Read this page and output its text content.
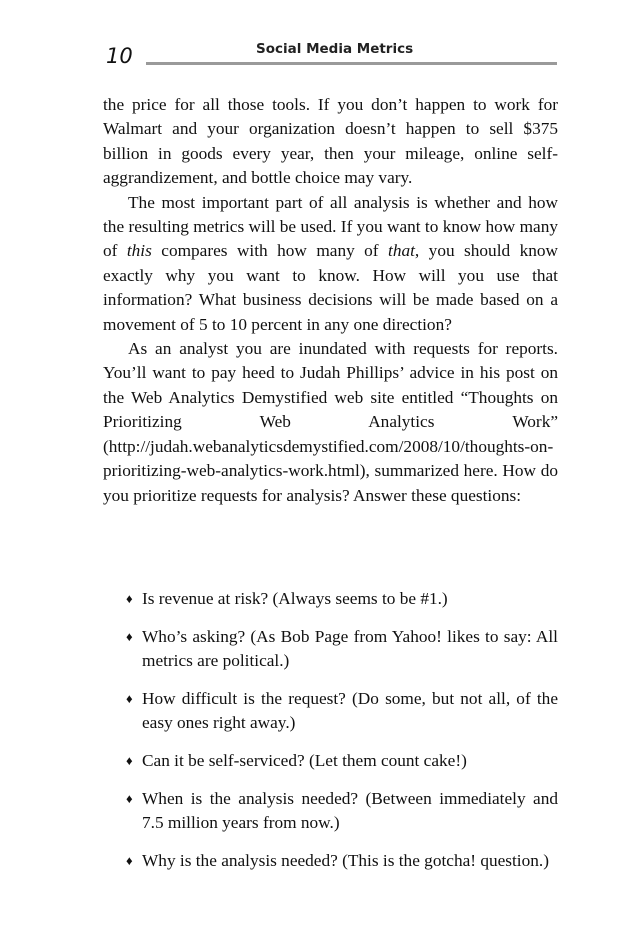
10	Social Media Metrics

the price for all those tools. If you don’t happen to work for Walmart and your organization doesn’t happen to sell $375 billion in goods every year, then your mileage, online self-aggrandizement, and bottle choice may vary.

The most important part of all analysis is whether and how the resulting metrics will be used. If you want to know how many of this compares with how many of that, you should know exactly why you want to know. How will you use that information? What business decisions will be made based on a movement of 5 to 10 percent in any one direction?

As an analyst you are inundated with requests for reports. You’ll want to pay heed to Judah Phillips’ advice in his post on the Web Analytics Demystified web site entitled “Thoughts on Prioritizing Web Analytics Work” (http://judah.webanalyticsdemystified.com/2008/10/thoughts-on-prioritizing-web-analytics-work.html), summarized here. How do you prioritize requests for analysis? Answer these questions:

♦ Is revenue at risk? (Always seems to be #1.)
♦ Who’s asking? (As Bob Page from Yahoo! likes to say: All metrics are political.)
♦ How difficult is the request? (Do some, but not all, of the easy ones right away.)
♦ Can it be self-serviced? (Let them count cake!)
♦ When is the analysis needed? (Between immediately and 7.5 million years from now.)
♦ Why is the analysis needed? (This is the gotcha! question.)
